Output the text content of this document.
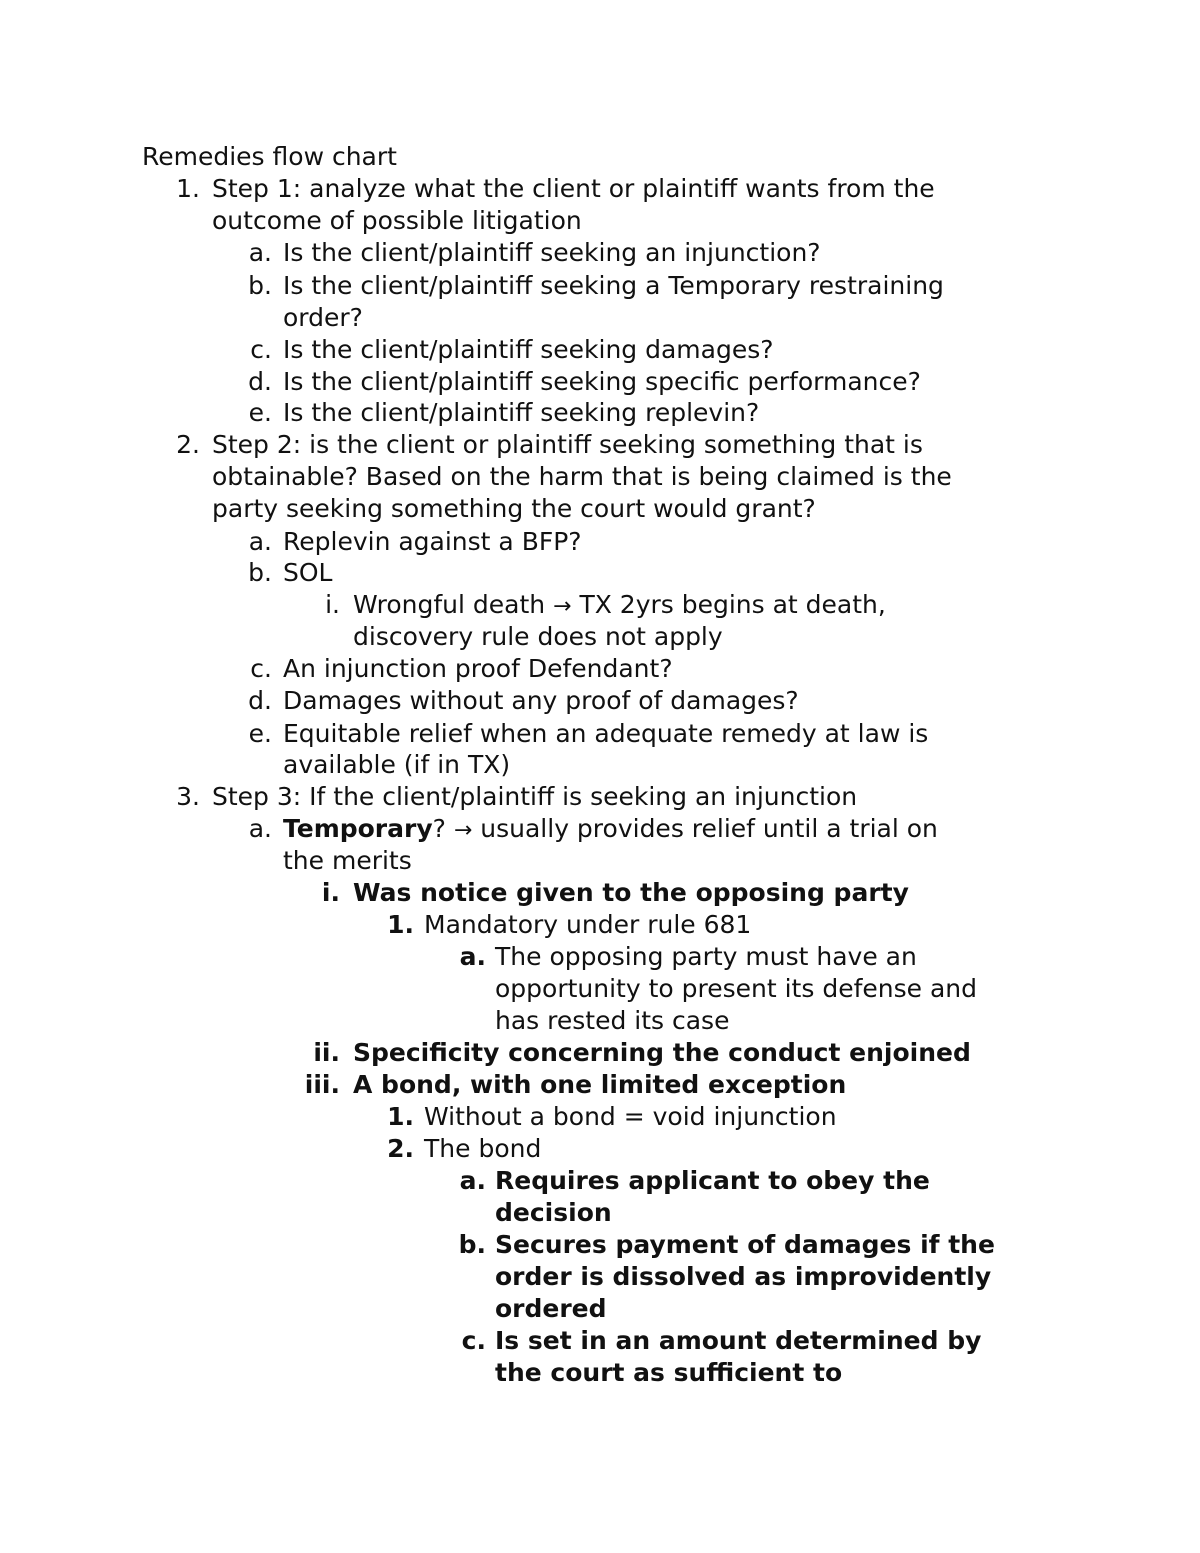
Remedies flow chart
1. Step 1: analyze what the client or plaintiff wants from the
outcome of possible litigation
a. Is the client/plaintiff seeking an injunction?
b. Is the client/plaintiff seeking a Temporary restraining
order?
c. Is the client/plaintiff seeking damages?
d. Is the client/plaintiff seeking specific performance?
e. Is the client/plaintiff seeking replevin?
2. Step 2: is the client or plaintiff seeking something that is
obtainable? Based on the harm that is being claimed is the
party seeking something the court would grant?
a. Replevin against a BFP?
b. SOL
i. Wrongful death → TX 2yrs begins at death,
discovery rule does not apply
c. An injunction proof Defendant?
d. Damages without any proof of damages?
e. Equitable relief when an adequate remedy at law is
available (if in TX)
3. Step 3: If the client/plaintiff is seeking an injunction
a. Temporary? → usually provides relief until a trial on
the merits
i. Was notice given to the opposing party
1. Mandatory under rule 681
a. The opposing party must have an
opportunity to present its defense and
has rested its case
ii. Specificity concerning the conduct enjoined
iii. A bond, with one limited exception
1. Without a bond = void injunction
2. The bond
a. Requires applicant to obey the
decision
b. Secures payment of damages if the
order is dissolved as improvidently
ordered
c. Is set in an amount determined by
the court as sufficient to
